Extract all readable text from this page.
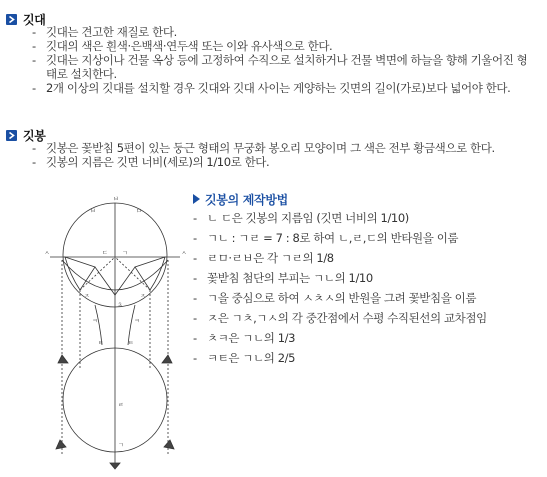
깃대
- 깃대는 견고한 재질로 한다.
- 깃대의 색은 흰색·은백색·연두색 또는 이와 유사색으로 한다.
- 깃대는 지상이나 건물 옥상 등에 고정하여 수직으로 설치하거나 건물 벽면에 하늘을 향해 기울어진 형태로 설치한다.
- 2개 이상의 깃대를 설치할 경우 깃대와 깃대 사이는 게양하는 깃면의 길이(가로)보다 넓어야 한다.
깃봉
- 깃봉은 꽃받침 5편이 있는 둥근 형태의 무궁화 봉오리 모양이며 그 색은 전부 황금색으로 한다.
- 깃봉의 지름은 깃면 너비(세로)의 1/10로 한다.
ㅂ
ㅂ	ㅁ
ㅅ	ㅅ
ㄷ ㄱ
ㅈ	ㅈ
ㅊ
ㅋ	ㅋ
ㅌ	ㅌ
ㄹ
ㄱ
깃봉의 제작방법
- ㄴ ㄷ은 깃봉의 지름임 (깃면 너비의 1/10)
- ㄱㄴ : ㄱㄹ = 7 : 8로 하여 ㄴ,ㄹ,ㄷ의 반타원을 이룸
- ㄹㅁ·ㄹㅂ은 각 ㄱㄹ의 1/8
- 꽃받침 첨단의 부피는 ㄱㄴ의 1/10
- ㄱ을 중심으로 하여 ㅅㅊㅅ의 반원을 그려 꽃받침을 이룸
- ㅈ은 ㄱㅊ,ㄱㅅ의 각 중간점에서 수평 수직된선의 교차점임
- ㅊㅋ은 ㄱㄴ의 1/3
- ㅋㅌ은 ㄱㄴ의 2/5
